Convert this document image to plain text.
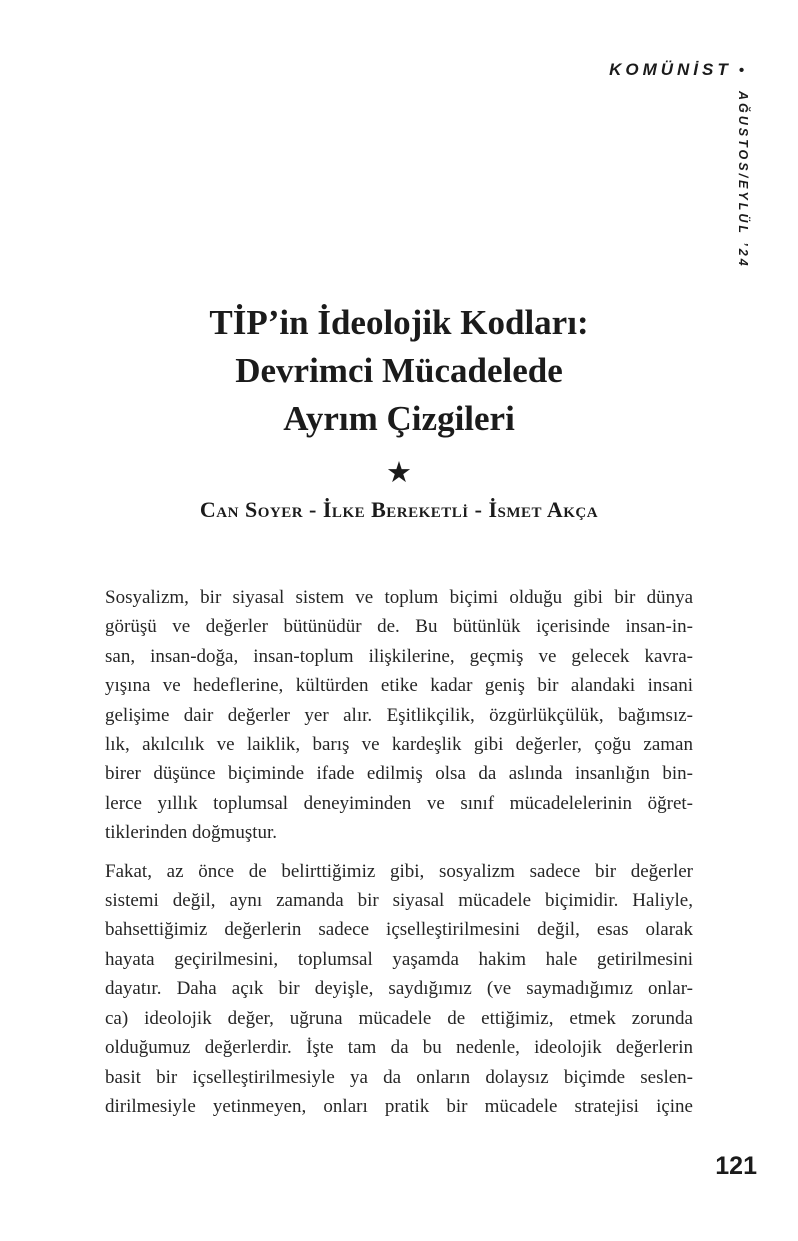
KOMÜNİST •
AĞUSTOS/EYLÜL ’24
TİP’in İdeolojik Kodları:
Devrimci Mücadelede
Ayrım Çizgileri
★
Can Soyer - İlke Bereketli - İsmet Akça
Sosyalizm, bir siyasal sistem ve toplum biçimi olduğu gibi bir dünya
görüşü ve değerler bütünüdür de. Bu bütünlük içerisinde insan-in-
san, insan-doğa, insan-toplum ilişkilerine, geçmiş ve gelecek kavra-
yışına ve hedeflerine, kültürden etike kadar geniş bir alandaki insani
gelişime dair değerler yer alır. Eşitlikçilik, özgürlükçülük, bağımsız-
lık, akılcılık ve laiklik, barış ve kardeşlik gibi değerler, çoğu zaman
birer düşünce biçiminde ifade edilmiş olsa da aslında insanlığın bin-
lerce yıllık toplumsal deneyiminden ve sınıf mücadelelerinin öğret-
tiklerinden doğmuştur.
Fakat, az önce de belirttiğimiz gibi, sosyalizm sadece bir değerler
sistemi değil, aynı zamanda bir siyasal mücadele biçimidir. Haliyle,
bahsettiğimiz değerlerin sadece içselleştirilmesini değil, esas olarak
hayata geçirilmesini, toplumsal yaşamda hakim hale getirilmesini
dayatır. Daha açık bir deyişle, saydığımız (ve saymadığımız onlar-
ca) ideolojik değer, uğruna mücadele de ettiğimiz, etmek zorunda
olduğumuz değerlerdir. İşte tam da bu nedenle, ideolojik değerlerin
basit bir içselleştirilmesiyle ya da onların dolaysız biçimde seslen-
dirilmesiyle yetinmeyen, onları pratik bir mücadele stratejisi içine
121
